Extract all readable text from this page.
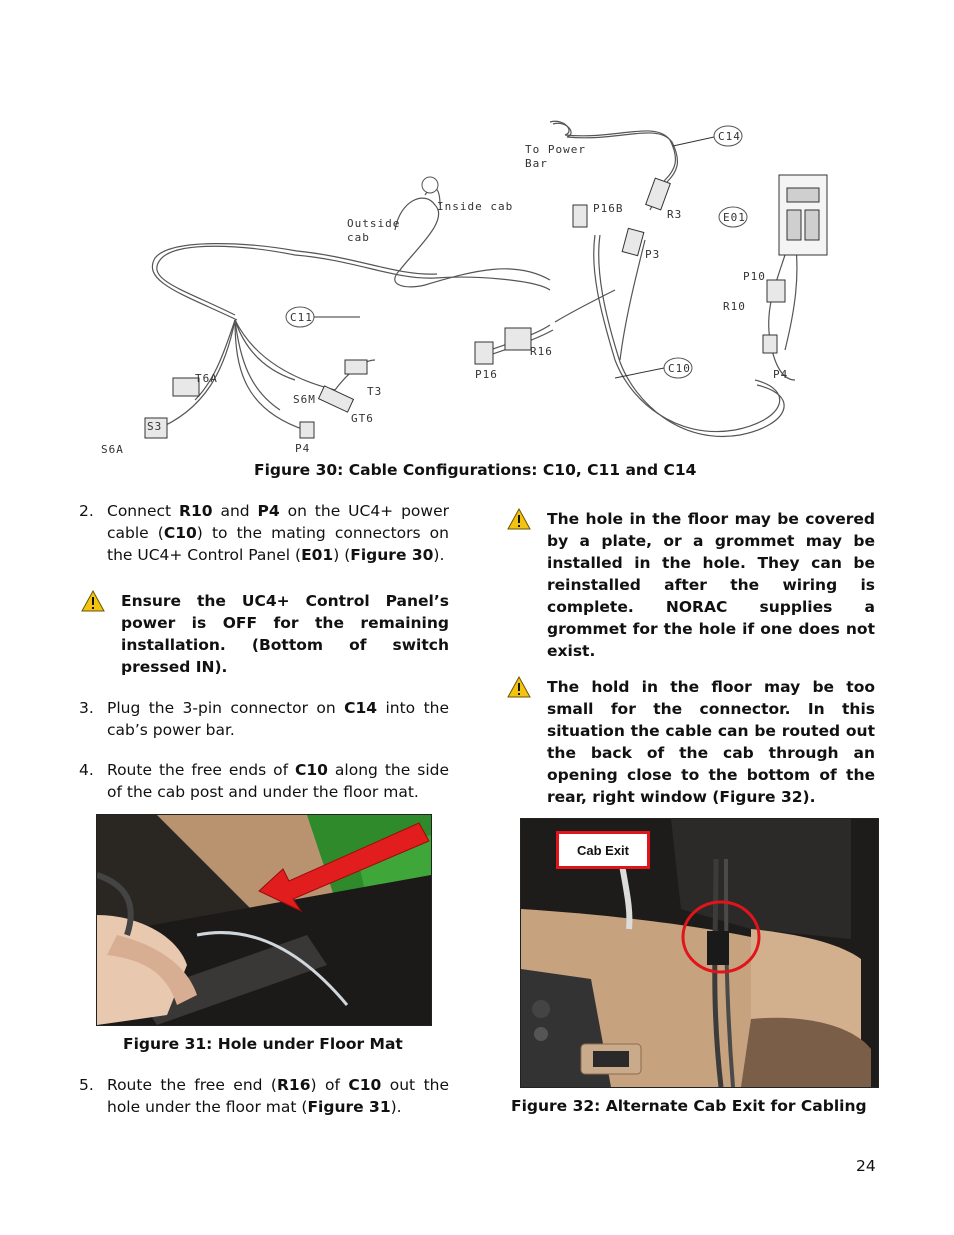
To Power
Bar
Inside cab
Outside
cab
C14
C11
C10
E01
P16B	R3
P3
P10
R10
P4
R16
P16
T6A
S6M
T3
GT6
S3
S6A	P4
Figure 30: Cable Configurations: C10, C11 and C14
2. Connect R10 and P4 on the UC4+ power cable (C10) to the mating connectors on the UC4+ Control Panel (E01) (Figure 30).
Ensure the UC4+ Control Panel’s power is OFF for the remaining installation. (Bottom of switch pressed IN).
3. Plug the 3-pin connector on C14 into the cab’s power bar.
4. Route the free ends of C10 along the side of the cab post and under the floor mat.
Figure 31: Hole under Floor Mat
5. Route the free end (R16) of C10 out the hole under the floor mat (Figure 31).
The hole in the floor may be covered by a plate, or a grommet may be installed in the hole. They can be reinstalled after the wiring is complete. NORAC supplies a grommet for the hole if one does not exist.
The hold in the floor may be too small for the connector. In this situation the cable can be routed out the back of the cab through an opening close to the bottom of the rear, right window (Figure 32).
Cab Exit
Figure 32: Alternate Cab Exit for Cabling
24
